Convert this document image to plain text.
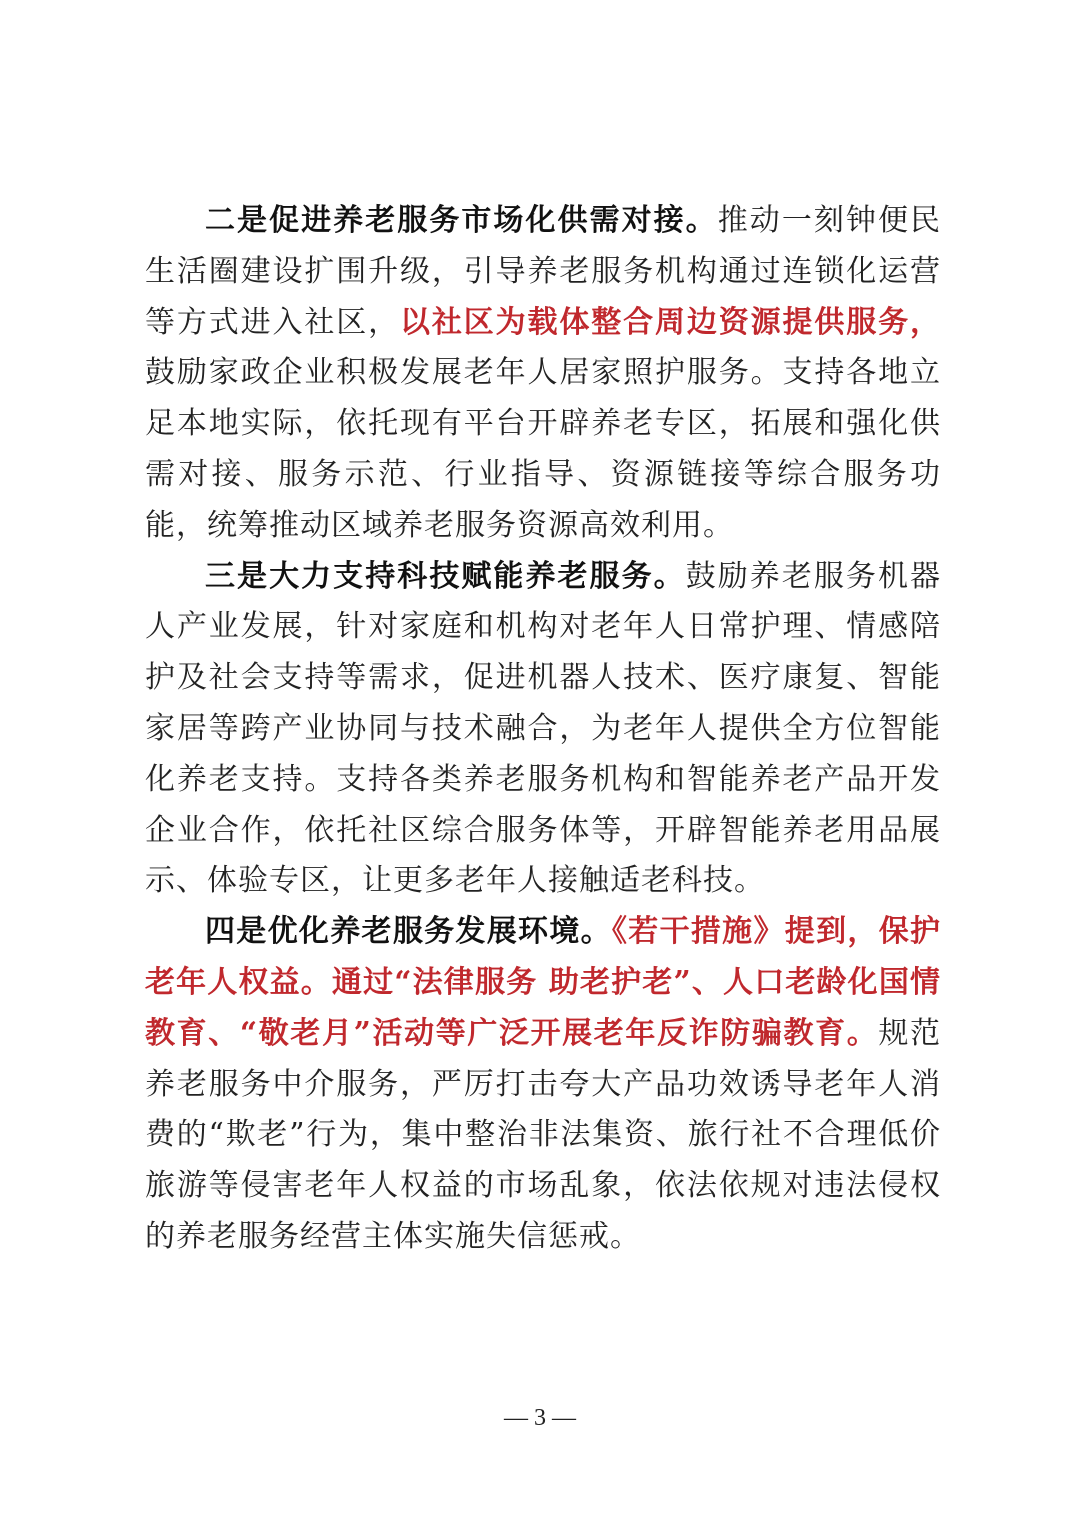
二是促进养老服务市场化供需对接。推动一刻钟便民生活圈建设扩围升级，引导养老服务机构通过连锁化运营等方式进入社区，以社区为载体整合周边资源提供服务，鼓励家政企业积极发展老年人居家照护服务。支持各地立足本地实际，依托现有平台开辟养老专区，拓展和强化供需对接、服务示范、行业指导、资源链接等综合服务功能，统筹推动区域养老服务资源高效利用。

三是大力支持科技赋能养老服务。鼓励养老服务机器人产业发展，针对家庭和机构对老年人日常护理、情感陪护及社会支持等需求，促进机器人技术、医疗康复、智能家居等跨产业协同与技术融合，为老年人提供全方位智能化养老支持。支持各类养老服务机构和智能养老产品开发企业合作，依托社区综合服务体等，开辟智能养老用品展示、体验专区，让更多老年人接触适老科技。

四是优化养老服务发展环境。《若干措施》提到，保护老年人权益。通过“法律服务 助老护老”、人口老龄化国情教育、“敬老月”活动等广泛开展老年反诈防骗教育。规范养老服务中介服务，严厉打击夸大产品功效诱导老年人消费的“欺老”行为，集中整治非法集资、旅行社不合理低价旅游等侵害老年人权益的市场乱象，依法依规对违法侵权的养老服务经营主体实施失信惩戒。

— 3 —
